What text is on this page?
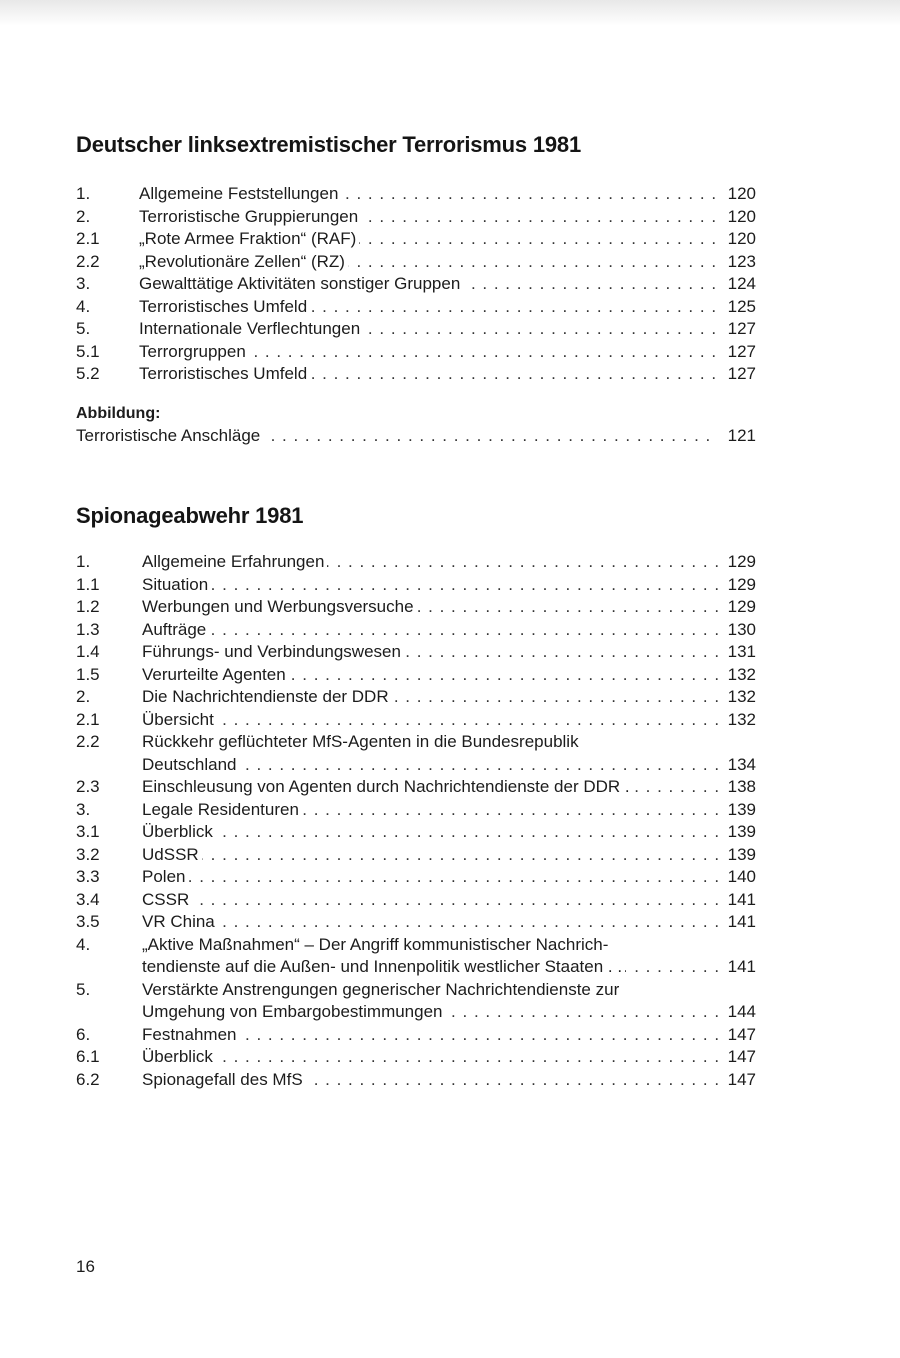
Deutscher linksextremistischer Terrorismus 1981
1.	Allgemeine Feststellungen . . .	120
2.	Terroristische Gruppierungen . . .	120
2.1 „Rote Armee Fraktion“ (RAF) . . .	120
2.2 „Revolutionäre Zellen“ (RZ) . . .	123
3.	Gewalttätige Aktivitäten sonstiger Gruppen . . .	124
4.	Terroristisches Umfeld . . .	125
5.	Internationale Verflechtungen . . .	127
5.1 Terrorgruppen . . .	127
5.2 Terroristisches Umfeld . . .	127
Abbildung:
Terroristische Anschläge . . .	121
Spionageabwehr 1981
1.	Allgemeine Erfahrungen . . .	129
1.1 Situation . . .	129
1.2 Werbungen und Werbungsversuche . . .	129
1.3 Aufträge . . .	130
1.4 Führungs- und Verbindungswesen . . .	131
1.5 Verurteilte Agenten . . .	132
2.	Die Nachrichtendienste der DDR . . .	132
2.1 Übersicht . . .	132
2.2 Rückkehr geflüchteter MfS-Agenten in die Bundesrepublik
Deutschland . . .	134
2.3 Einschleusung von Agenten durch Nachrichtendienste der DDR . . . .	138
3.	Legale Residenturen . . .	139
3.1 Überblick . . .	139
3.2 UdSSR . . .	139
3.3 Polen . . .	140
3.4 CSSR . . .	141
3.5 VR China . . .	141
4.	„Aktive Maßnahmen“ – Der Angriff kommunistischer Nachrich-
tendienste auf die Außen- und Innenpolitik westlicher Staaten . . . . .	141
5.	Verstärkte Anstrengungen gegnerischer Nachrichtendienste zur
Umgehung von Embargobestimmungen . . .	144
6.	Festnahmen . . .	147
6.1 Überblick . . .	147
6.2 Spionagefall des MfS . . .	147
16
